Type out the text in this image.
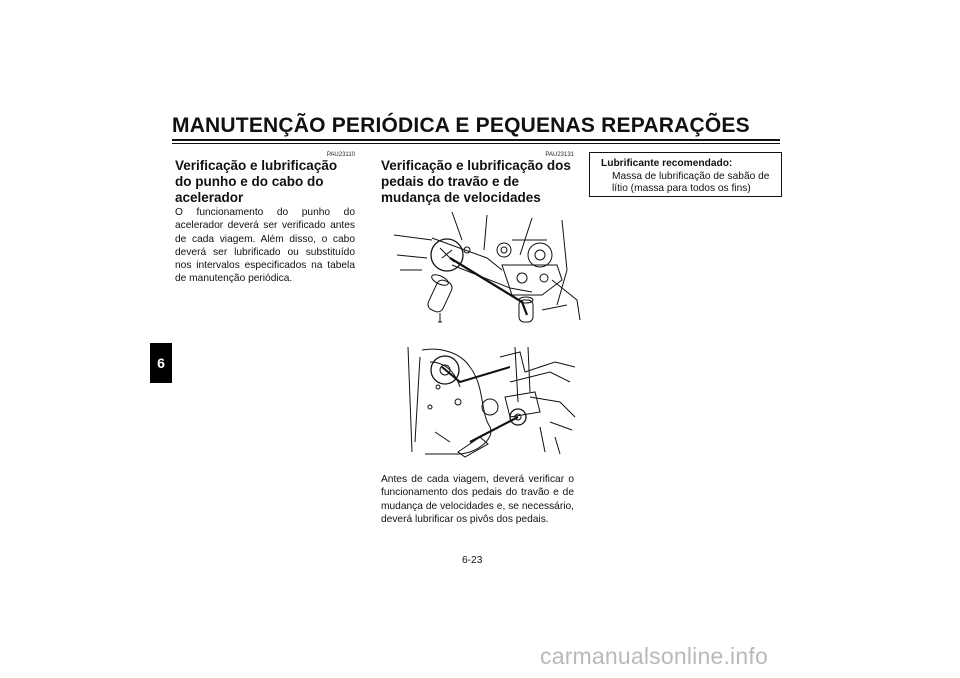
MANUTENÇÃO PERIÓDICA E PEQUENAS REPARAÇÕES
6
PAU23110
Verificação e lubrificação do punho e do cabo do acelerador

O funcionamento do punho do acelerador deverá ser verificado antes de cada viagem. Além disso, o cabo deverá ser lubrificado ou substituído nos intervalos especificados na tabela de manutenção periódica.

PAU23131
Verificação e lubrificação dos pedais do travão e de mudança de velocidades

Antes de cada viagem, deverá verificar o funcionamento dos pedais do travão e de mudança de velocidades e, se necessário, deverá lubrificar os pivôs dos pedais.

Lubrificante recomendado:
Massa de lubrificação de sabão de lítio (massa para todos os fins)
6-23
carmanualsonline.info
